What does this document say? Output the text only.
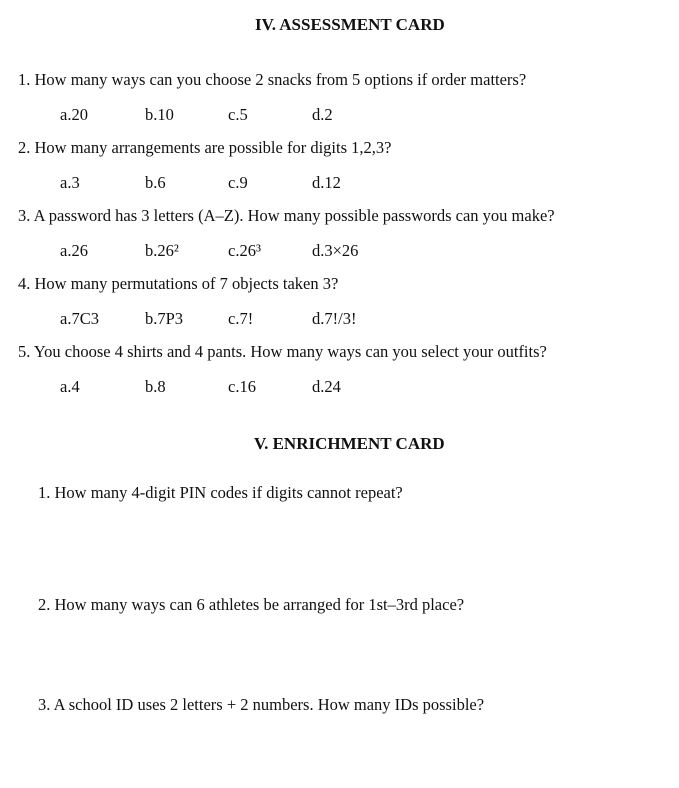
IV. ASSESSMENT CARD
1. How many ways can you choose 2 snacks from 5 options if order matters?
a.20	b.10	c.5	d.2
2. How many arrangements are possible for digits 1,2,3?
a.3	b.6	c.9	d.12
3. A password has 3 letters (A–Z). How many possible passwords can you make?
a.26	b.26²	c.26³	d.3×26
4. How many permutations of 7 objects taken 3?
a.7C3	b.7P3	c.7!	d.7!/3!
5. You choose 4 shirts and 4 pants. How many ways can you select your outfits?
a.4	b.8	c.16	d.24
V. ENRICHMENT CARD
1. How many 4-digit PIN codes if digits cannot repeat?
2. How many ways can 6 athletes be arranged for 1st–3rd place?
3. A school ID uses 2 letters + 2 numbers. How many IDs possible?
